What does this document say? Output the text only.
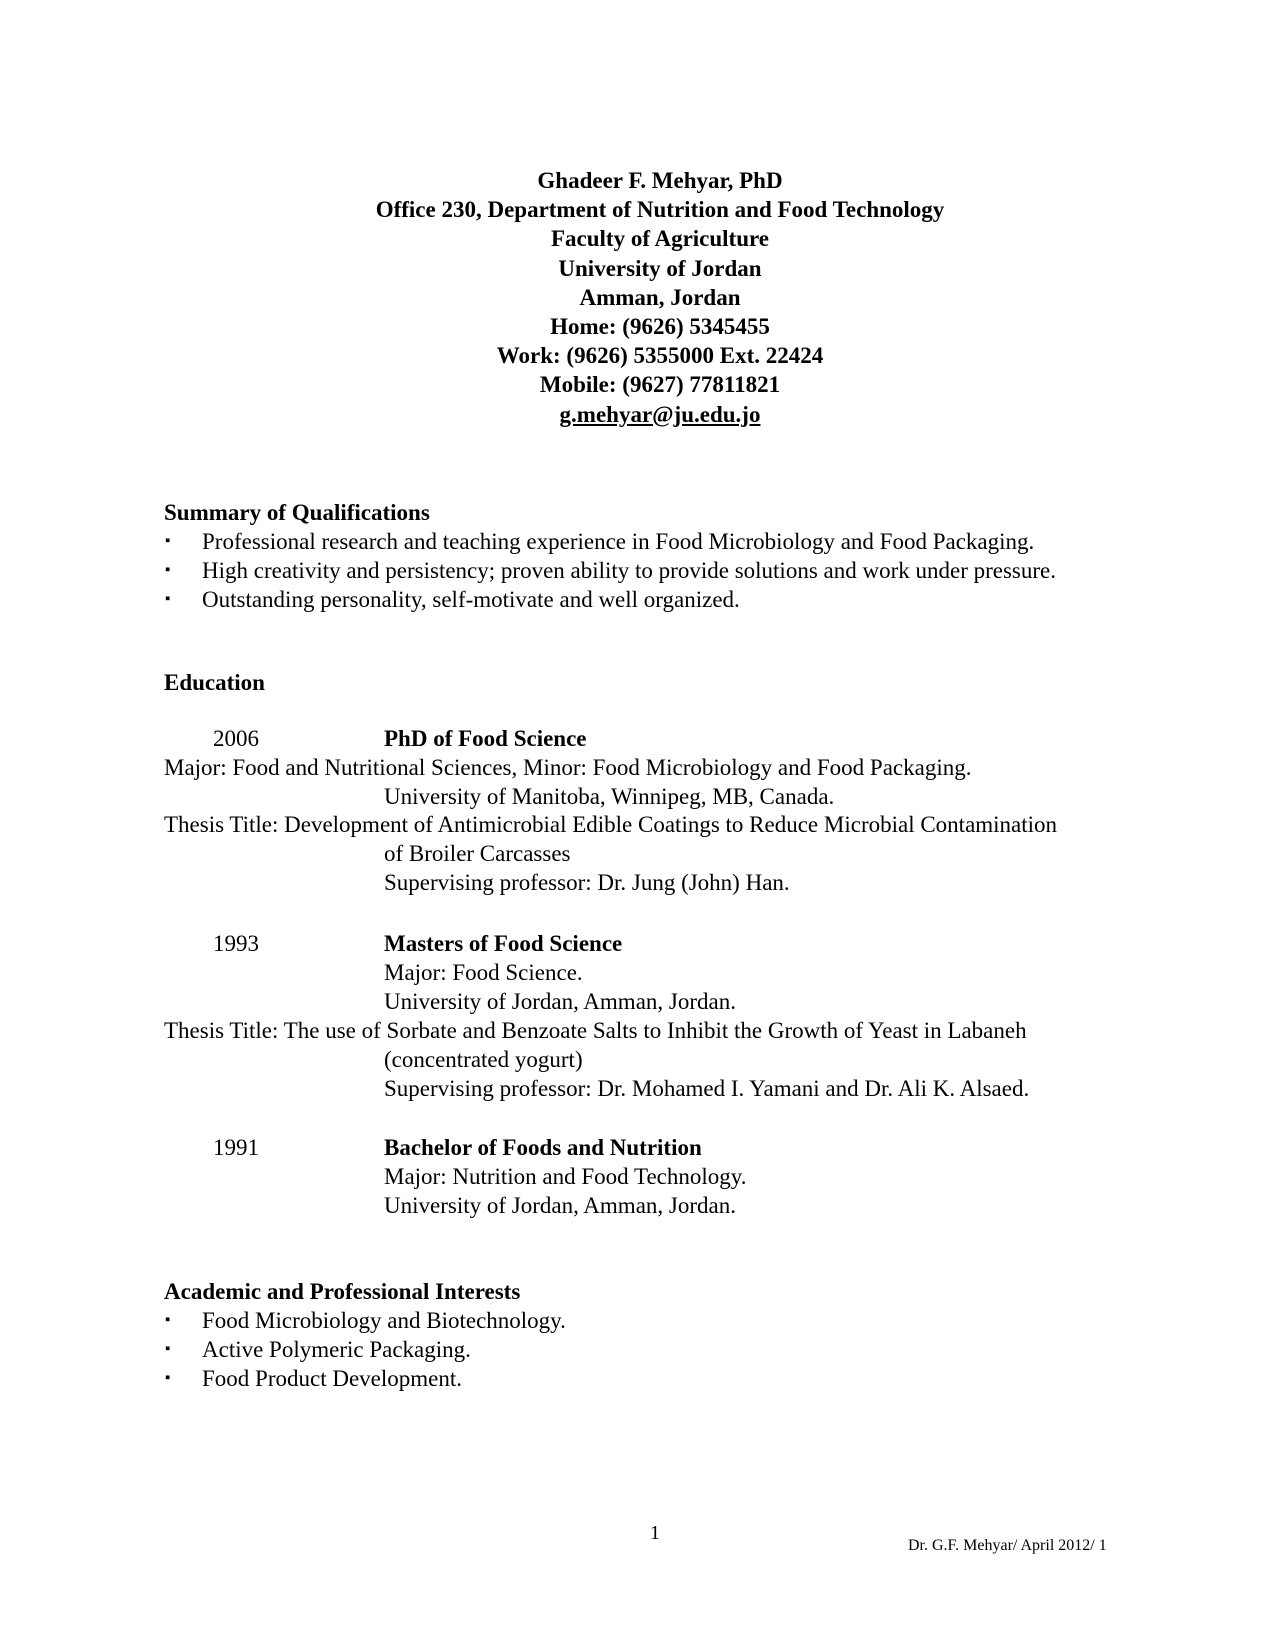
Ghadeer F. Mehyar, PhD
Office 230, Department of Nutrition and Food Technology
Faculty of Agriculture
University of Jordan
Amman, Jordan
Home: (9626) 5345455
Work: (9626) 5355000 Ext. 22424
Mobile: (9627) 77811821
g.mehyar@ju.edu.jo
Summary of Qualifications
▪	Professional research and teaching experience in Food Microbiology and Food Packaging.
▪	High creativity and persistency; proven ability to provide solutions and work under pressure.
▪	Outstanding personality, self-motivate and well organized.
Education
2006	PhD of Food Science
Major: Food and Nutritional Sciences, Minor: Food Microbiology and Food Packaging.
University of Manitoba, Winnipeg, MB, Canada.
Thesis Title: Development of Antimicrobial Edible Coatings to Reduce Microbial Contamination
of Broiler Carcasses
Supervising professor: Dr. Jung (John) Han.
1993	Masters of Food Science
Major: Food Science.
University of Jordan, Amman, Jordan.
Thesis Title: The use of Sorbate and Benzoate Salts to Inhibit the Growth of Yeast in Labaneh
(concentrated yogurt)
Supervising professor: Dr. Mohamed I. Yamani and Dr. Ali K. Alsaed.
1991	Bachelor of Foods and Nutrition
Major: Nutrition and Food Technology.
University of Jordan, Amman, Jordan.
Academic and Professional Interests
▪	Food Microbiology and Biotechnology.
▪	Active Polymeric Packaging.
▪	Food Product Development.
1
Dr. G.F. Mehyar/ April 2012/ 1
